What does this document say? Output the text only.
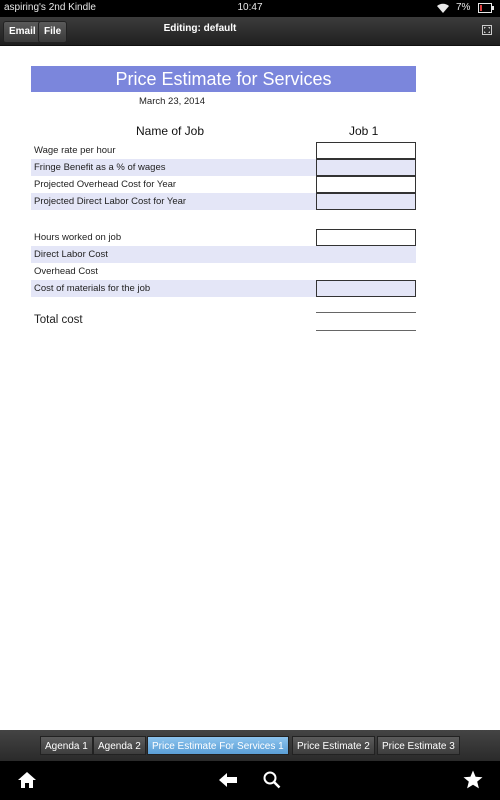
aspiring's 2nd Kindle	10:47	7%
Email File	Editing: default
Price Estimate for Services
March 23, 2014
Name of Job	Job 1
Wage rate per hour
Fringe Benefit as a % of wages
Projected Overhead Cost for Year
Projected Direct Labor Cost for Year
Hours worked on job
Direct Labor Cost
Overhead Cost
Cost of materials for the job
Total cost
Agenda 1	Agenda 2	Price Estimate For Services 1	Price Estimate 2	Price Estimate 3
